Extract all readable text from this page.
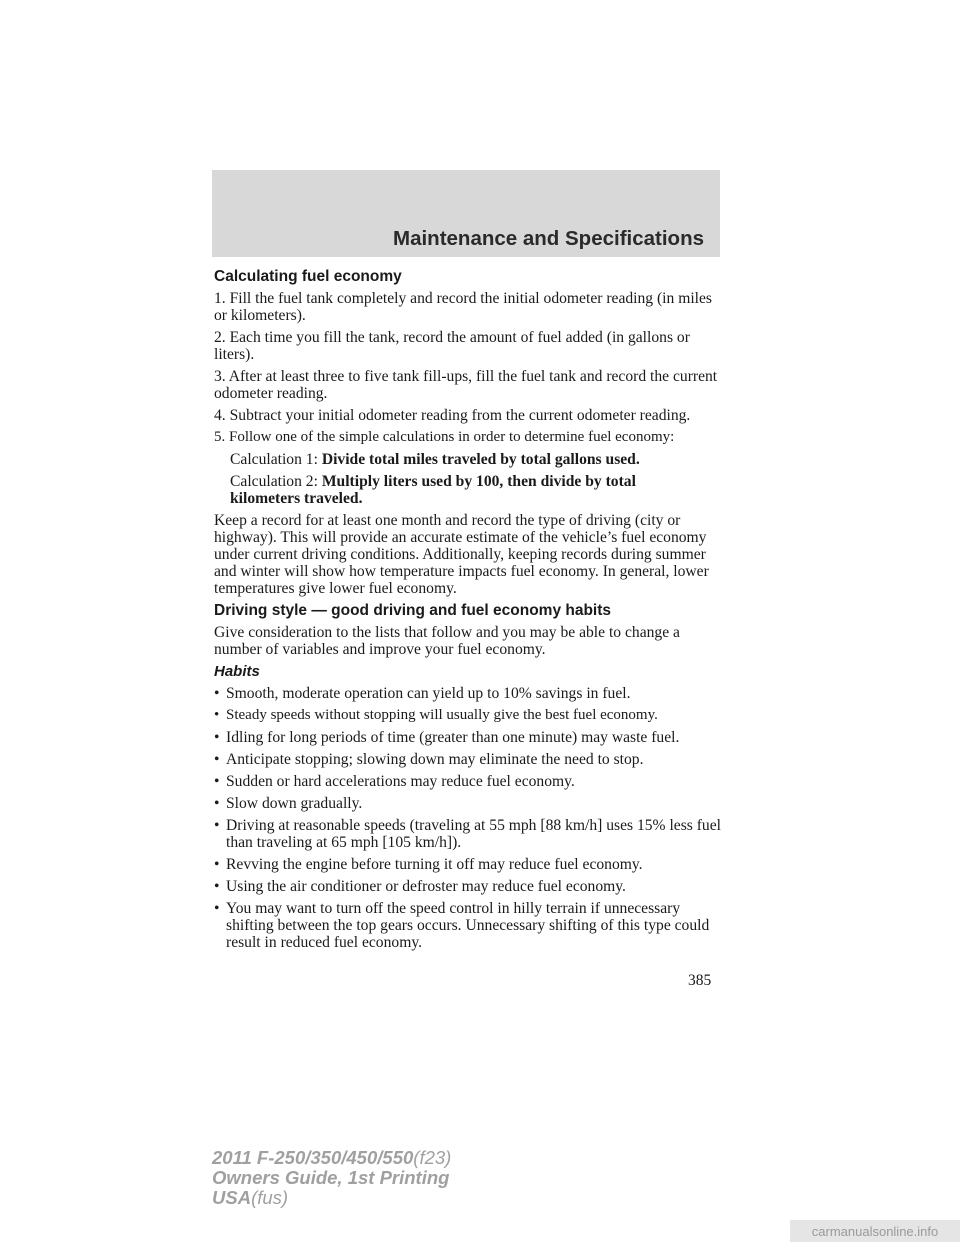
Maintenance and Specifications
Calculating fuel economy
1. Fill the fuel tank completely and record the initial odometer reading (in miles or kilometers).
2. Each time you fill the tank, record the amount of fuel added (in gallons or liters).
3. After at least three to five tank fill-ups, fill the fuel tank and record the current odometer reading.
4. Subtract your initial odometer reading from the current odometer reading.
5. Follow one of the simple calculations in order to determine fuel economy:
Calculation 1: Divide total miles traveled by total gallons used.
Calculation 2: Multiply liters used by 100, then divide by total
kilometers traveled.
Keep a record for at least one month and record the type of driving (city or highway). This will provide an accurate estimate of the vehicle’s fuel economy under current driving conditions. Additionally, keeping records during summer and winter will show how temperature impacts fuel economy. In general, lower temperatures give lower fuel economy.
Driving style — good driving and fuel economy habits
Give consideration to the lists that follow and you may be able to change a number of variables and improve your fuel economy.
Habits
• Smooth, moderate operation can yield up to 10% savings in fuel.
• Steady speeds without stopping will usually give the best fuel economy.
• Idling for long periods of time (greater than one minute) may waste fuel.
• Anticipate stopping; slowing down may eliminate the need to stop.
• Sudden or hard accelerations may reduce fuel economy.
• Slow down gradually.
• Driving at reasonable speeds (traveling at 55 mph [88 km/h] uses 15% less fuel than traveling at 65 mph [105 km/h]).
• Revving the engine before turning it off may reduce fuel economy.
• Using the air conditioner or defroster may reduce fuel economy.
• You may want to turn off the speed control in hilly terrain if unnecessary shifting between the top gears occurs. Unnecessary shifting of this type could result in reduced fuel economy.
385
2011 F-250/350/450/550(f23)
Owners Guide, 1st Printing
USA(fus)
carmanualsonline.info
